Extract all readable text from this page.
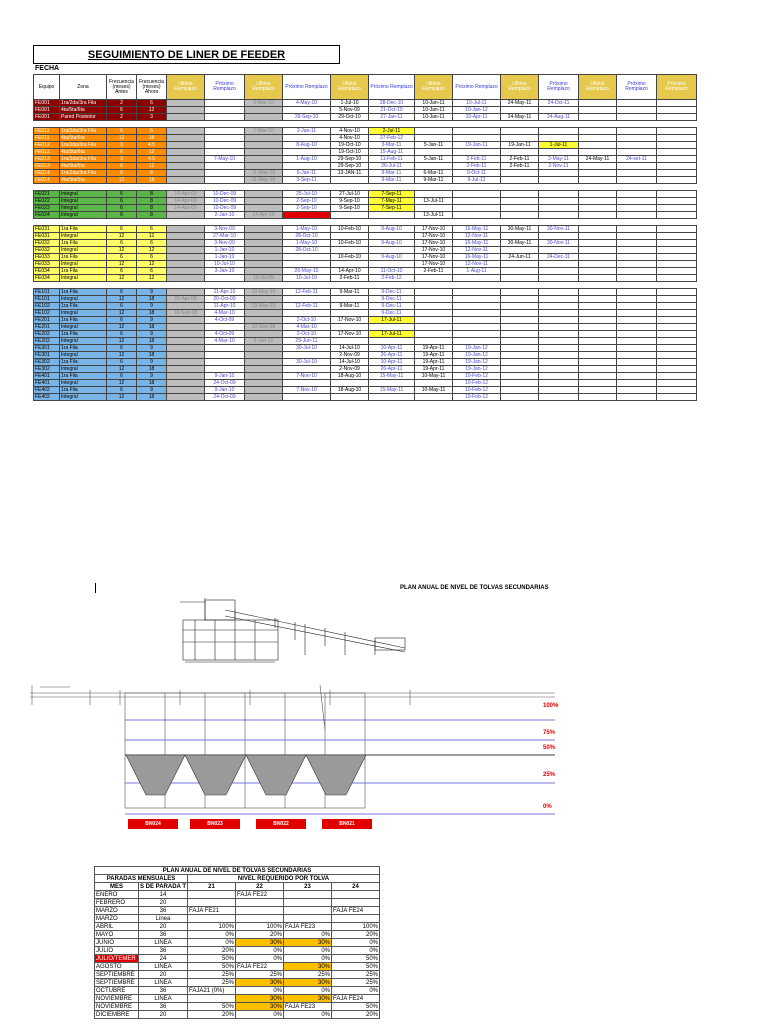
SEGUIMIENTO DE LINER DE FEEDER
FECHA
Equipo	Zona	Frecuencia (meses) Antes	Frecuencia (meses) Ahora	Ultimo Remplazo	Próximo Remplazo	Ultimo Remplazo	Próximo Remplazo	Ultimo Remplazo	Próximo Remplazo	Ultimo Remplazo	Próximo Remplazo	Ultimo Remplazo	Próximo Remplazo	Ultimo Remplazo	Próximo Remplazo	Próximo Remplazo
FE001	1ra/2da/3ra Fila	2	6			5-Mar-10	4-May-10	1-Jul-10	28-Dec-10	10-Jan-11	10-Jul-11	24-May-11	24-Oct-11			
FE001	4ta/5ta/6ta	6	12					5-Nov-09	21-Oct-10	10-Jan-11	10-Jan-12					
FE001	Pared Posterior	2	3				29-Sep-10	29-Oct-10	27-Jan-11	10-Jan-11	10-Apr-11	24-May-11	24-Aug-11			

FE011	1ra/2da/3ra Fila	6	6			1-Mar-10	2-Jan-11	4-Nov-10	2-Jul-11							
FE011	4ta/5ta/6ta	12	18					4-Nov-10	27-Feb-12							
FE012	1ra/2da/3ra Fila	3	4.5				8-Aug-10	19-Oct-10	3-Mar-11	5-Jan-11	19-Jan-11	19-Jan-11	1-Jul-11			
FE012	4ta/5ta/6ta	6	12					19-Oct-10	15-Aug-11							
FE013	1ra/2da/3ra Fila	3	4.5		7-May-10		1-Aug-10	29-Sep-10	11-Feb-11	5-Jan-11	2-Feb-11	2-Feb-11	2-May-11	24-May-11	24-set-11	
FE013	4ta/5ta/6ta	6	12					29-Sep-10	26-Jul-11		2-Feb-11	2-Feb-11	2-Nov-11			
FE014	1ra/2da/3ra Fila	6	6			11-May-10	6-Jan-11	13-JAN-11	9-Mar-11	6-Mar-11	9-Oct-11					
FE014	4ta/5ta/6ta	12	18			11-May-10	3-Sep-11		9-Mar-11	9-Mar-11	9-Jul-12					

FE021	Integral	6	8	14-Apr-09	10-Dec-09		25-Jul-10	27-Jul-10	7-Sep-11							
FE022	Integral	6	8	14-Apr-09	10-Dec-09		2-Sep-10	9-Sep-10	7-May-11	13-Jul-11						
FE023	Integral	6	8	14-Apr-09	10-Dec-09		2-Sep-10	9-Sep-10	7-Sep-11							
FE024	Integral	6	8		2-Jan-10	14-Apr-10				13-Jul-11						

FE031	1ra Fila	6	6		3-Nov-09		1-May-10	10-Feb-10	9-Aug-10	17-Nov-10	16-May-11	30-May-11	30-Nov-11			
FE031	Integral	12	12		27-Mar-10		28-Oct-10			17-Nov-10	12-Nov-11					
FE032	1ra Fila	6	6		3-Nov-09		1-May-10	10-Feb-10	9-Aug-10	17-Nov-10	16-May-11	30-May-11	30-Nov-11			
FE032	Integral	12	12		1-Jan-10		28-Oct-10			17-Nov-10	12-Nov-11					
FE033	1ra Fila	6	6		1-Jan-10			10-Feb-10	9-Aug-10	17-Nov-10	16-May-11	24-Jun-11	24-Dec-11			
FE033	Integral	12	12		10-Jul-10					17-Nov-10	12-Nov-11					
FE034	1ra Fila	6	6		3-Jan-10		26-May-10	14-Apr-10	11-Oct-10	2-Feb-11	1-Aug-11					
FE034	Integral	12	12			15-Jul-09	10-Jul-10	2-Feb-11	2-Feb-12							

FE101	1ra Fila	6	9		11-Apr-10	19-May-10	12-Feb-11	9-Mar-11	9-Dec-11							
FE101	Integral	12	18	28-Apr-08	20-Oct-09				9-Dec-11							
FE102	1ra Fila	6	9		11-Apr-10	19-May-10	12-Feb-11	9-Mar-11	9-Dec-11							
FE102	Integral	12	18	10-Sep-08	4-Mar-10				9-Dec-11							
FE201	1ra Fila	6	9		4-Oct-09		2-Oct-10	17-Nov-10	17-Jul-11							
FE201	Integral	12	18			10-Sep-08	4-Mar-10									
FE202	1ra Fila	6	9		4-Oct-09		2-Oct-10	17-Nov-10	17-Jul-11							
FE202	Integral	12	18		4-Mar-10	5-Jan-10	29-Jun-11									
FE301	1ra Fila	6	9				30-Jul-10	14-Jul-10	10-Apr-11	19-Apr-11	19-Jan-12					
FE301	Integral	12	18					2-Nov-09	26-Apr-11	19-Apr-11	19-Jan-12					
FE302	1ra Fila	6	9				30-Jul-10	14-Jul-10	10-Apr-11	19-Apr-11	19-Jan-12					
FE302	Integral	12	18					2-Nov-09	26-Apr-11	19-Apr-11	19-Jan-12					
FE401	1ra Fila	6	9		9-Jan-10		7-Nov-10	18-Aug-10	15-May-11	10-May-11	10-Feb-12					
FE401	Integral	12	18		24-Oct-09						10-Feb-12					
FE402	1ra Fila	6	9		9-Jan-10		7-Nov-10	18-Aug-10	15-May-11	10-May-11	10-Feb-12					
FE402	Integral	12	18		24-Oct-09						10-Feb-12					
PLAN ANUAL DE NIVEL DE TOLVAS SECUNDARIAS
100%
75%
50%
25%
0%
BN024	BN023	BN022	BN021
PLAN ANUAL DE NIVEL DE TOLVAS SECUNDARIAS					
PARADAS MENSUALES		NIVEL REQUERIDO POR TOLVA			
MES	S DE PARADA T	21	22	23	24
ENERO	14		FAJA FE22		
FEBRERO	20				
MARZO	36	FAJA FE21			FAJA FE24
MARZO	Linea				
ABRIL	20	100%	100%	FAJA FE23	100%
MAYO	36	0%	20%	0%	20%
JUNIO	LINEA	0%	30%	30%	0%
JULIO	36	20%	0%	0%	0%
JULIO/TEMER	24	50%	0%	0%	50%
AGOSTO	LINEA	50%	FAJA FE22	30%	50%
SEPTIEMBRE	20	25%	25%	25%	25%
SEPTIEMBRE	LINEA	25%	30%	30%	25%
OCTUBRE	36	FAJA21 (0%)	0%	0%	0%
NOVIEMBRE	LINEA		30%	30%	FAJA FE24
NOVIEMBRE	36	50%	30%	FAJA FE23	50%
DICIEMBRE	20	20%	0%	0%	20%
